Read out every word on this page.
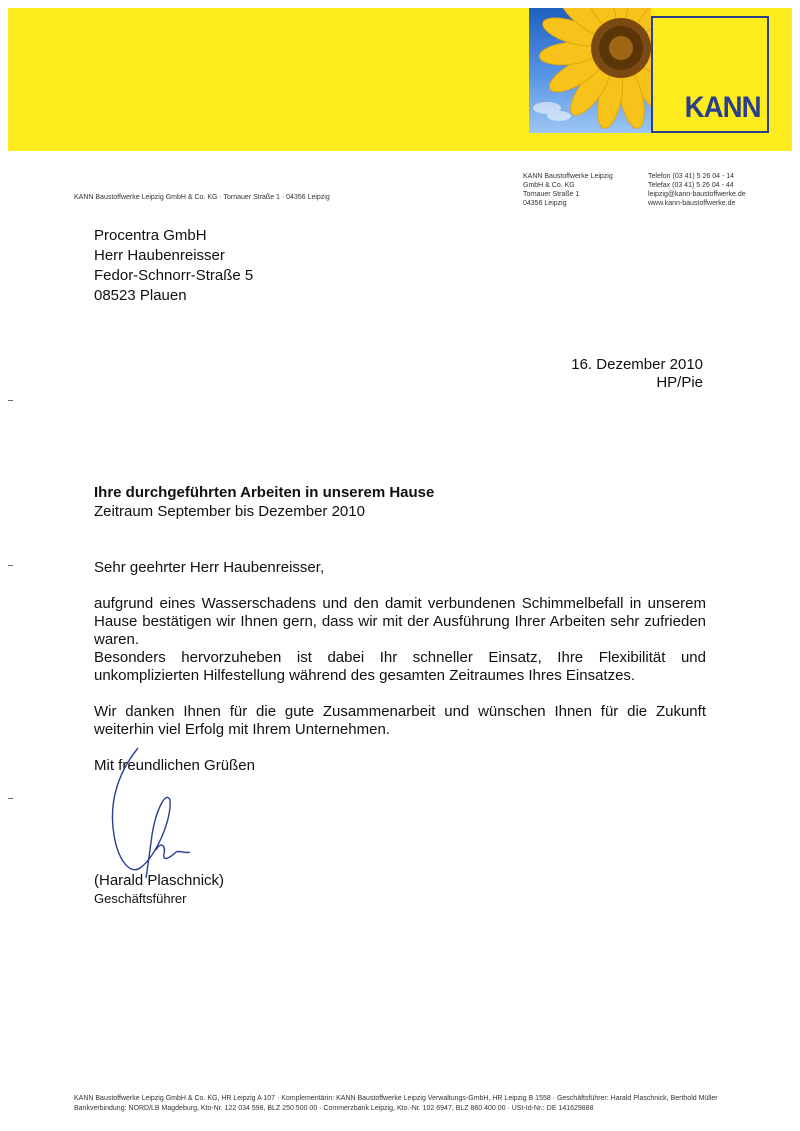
KANN
KANN Baustoffwerke Leipzig GmbH & Co. KG · Tornauer Straße 1 · 04356 Leipzig
KANN Baustoffwerke Leipzig
GmbH & Co. KG
Tornauer Straße 1
04356 Leipzig
Telefon (03 41) 5 26 04 - 14
Telefax (03 41) 5 26 04 - 44
leipzig@kann-baustoffwerke.de
www.kann-baustoffwerke.de
Procentra GmbH
Herr Haubenreisser
Fedor-Schnorr-Straße 5
08523 Plauen
16. Dezember 2010
HP/Pie
Ihre durchgeführten Arbeiten in unserem Hause
Zeitraum September bis Dezember 2010

Sehr geehrter Herr Haubenreisser,

aufgrund eines Wasserschadens und den damit verbundenen Schimmelbefall in unserem Hause bestätigen wir Ihnen gern, dass wir mit der Ausführung Ihrer Arbeiten sehr zufrieden waren.

Besonders hervorzuheben ist dabei Ihr schneller Einsatz, Ihre Flexibilität und unkomplizierten Hilfestellung während des gesamten Zeitraumes Ihres Einsatzes.

Wir danken Ihnen für die gute Zusammenarbeit und wünschen Ihnen für die Zukunft weiterhin viel Erfolg mit Ihrem Unternehmen.

Mit freundlichen Grüßen

(Harald Plaschnick)
Geschäftsführer
KANN Baustoffwerke Leipzig GmbH & Co. KG, HR Leipzig A 107 · Komplementärin: KANN Baustoffwerke Leipzig Verwaltungs-GmbH, HR Leipzig B 1558 · Geschäftsführer: Harald Plaschnick, Berthold Müller
Bankverbindung: NORD/LB Magdeburg, Kto-Nr. 122 034 598, BLZ 250 500 00 · Commerzbank Leipzig, Kto.-Nr. 102 6947, BLZ 860 400 00 · USt-Id-Nr.: DE 141629888
